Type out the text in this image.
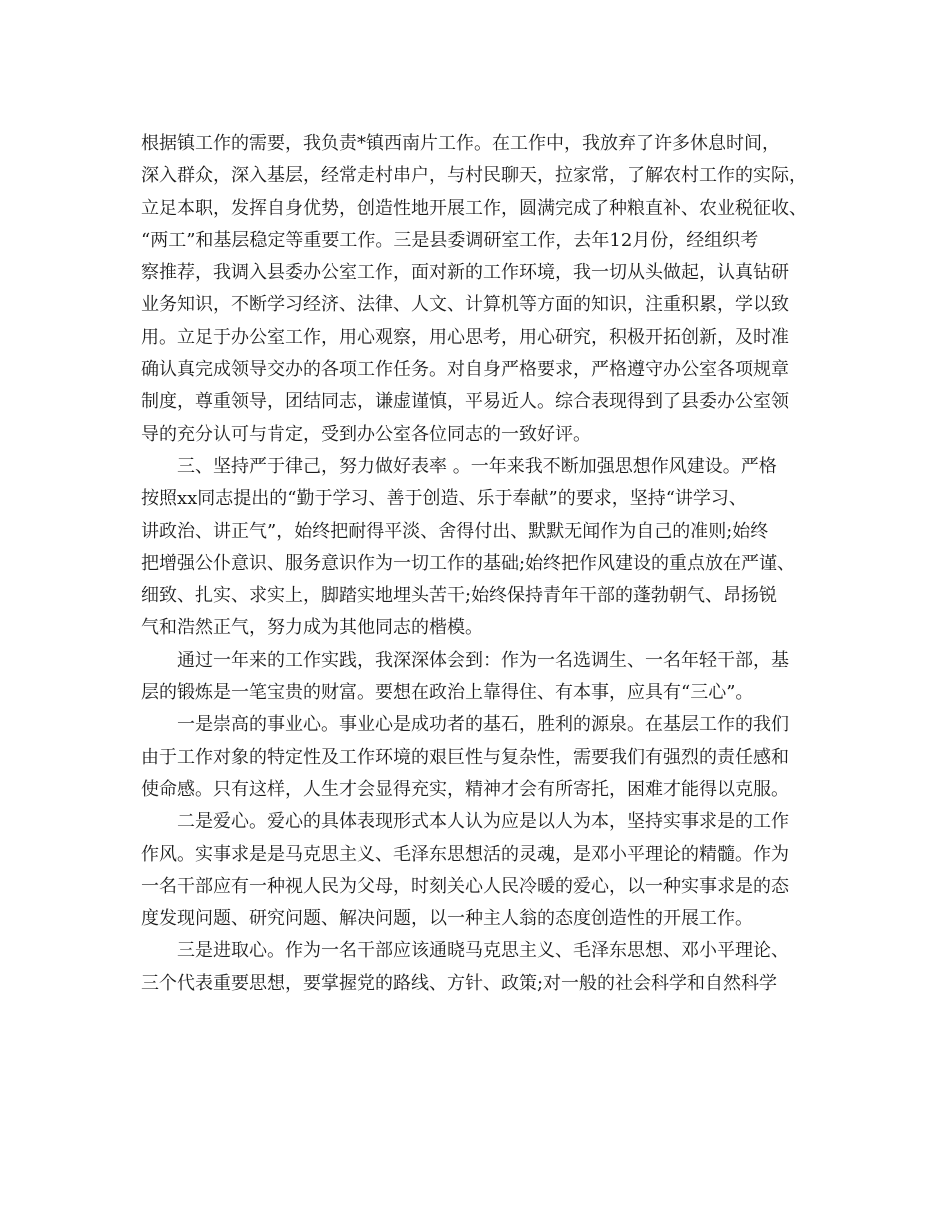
根据镇工作的需要，我负责*镇西南片工作。在工作中，我放弃了许多休息时间，
深入群众，深入基层，经常走村串户，与村民聊天，拉家常，了解农村工作的实际，
立足本职，发挥自身优势，创造性地开展工作，圆满完成了种粮直补、农业税征收、
“两工”和基层稳定等重要工作。三是县委调研室工作，去年12月份，经组织考
察推荐，我调入县委办公室工作，面对新的工作环境，我一切从头做起，认真钻研
业务知识，不断学习经济、法律、人文、计算机等方面的知识，注重积累，学以致
用。立足于办公室工作，用心观察，用心思考，用心研究，积极开拓创新，及时准
确认真完成领导交办的各项工作任务。对自身严格要求，严格遵守办公室各项规章
制度，尊重领导，团结同志，谦虚谨慎，平易近人。综合表现得到了县委办公室领
导的充分认可与肯定，受到办公室各位同志的一致好评。
三、坚持严于律己，努力做好表率 。一年来我不断加强思想作风建设。严格
按照xx同志提出的“勤于学习、善于创造、乐于奉献”的要求，坚持“讲学习、
讲政治、讲正气”，始终把耐得平淡、舍得付出、默默无闻作为自己的准则;始终
把增强公仆意识、服务意识作为一切工作的基础;始终把作风建设的重点放在严谨、
细致、扎实、求实上，脚踏实地埋头苦干;始终保持青年干部的蓬勃朝气、昂扬锐
气和浩然正气，努力成为其他同志的楷模。
通过一年来的工作实践，我深深体会到：作为一名选调生、一名年轻干部，基
层的锻炼是一笔宝贵的财富。要想在政治上靠得住、有本事，应具有“三心”。
一是崇高的事业心。事业心是成功者的基石，胜利的源泉。在基层工作的我们
由于工作对象的特定性及工作环境的艰巨性与复杂性，需要我们有强烈的责任感和
使命感。只有这样，人生才会显得充实，精神才会有所寄托，困难才能得以克服。
二是爱心。爱心的具体表现形式本人认为应是以人为本，坚持实事求是的工作
作风。实事求是是马克思主义、毛泽东思想活的灵魂，是邓小平理论的精髓。作为
一名干部应有一种视人民为父母，时刻关心人民冷暖的爱心，以一种实事求是的态
度发现问题、研究问题、解决问题，以一种主人翁的态度创造性的开展工作。
三是进取心。作为一名干部应该通晓马克思主义、毛泽东思想、邓小平理论、
三个代表重要思想，要掌握党的路线、方针、政策;对一般的社会科学和自然科学
